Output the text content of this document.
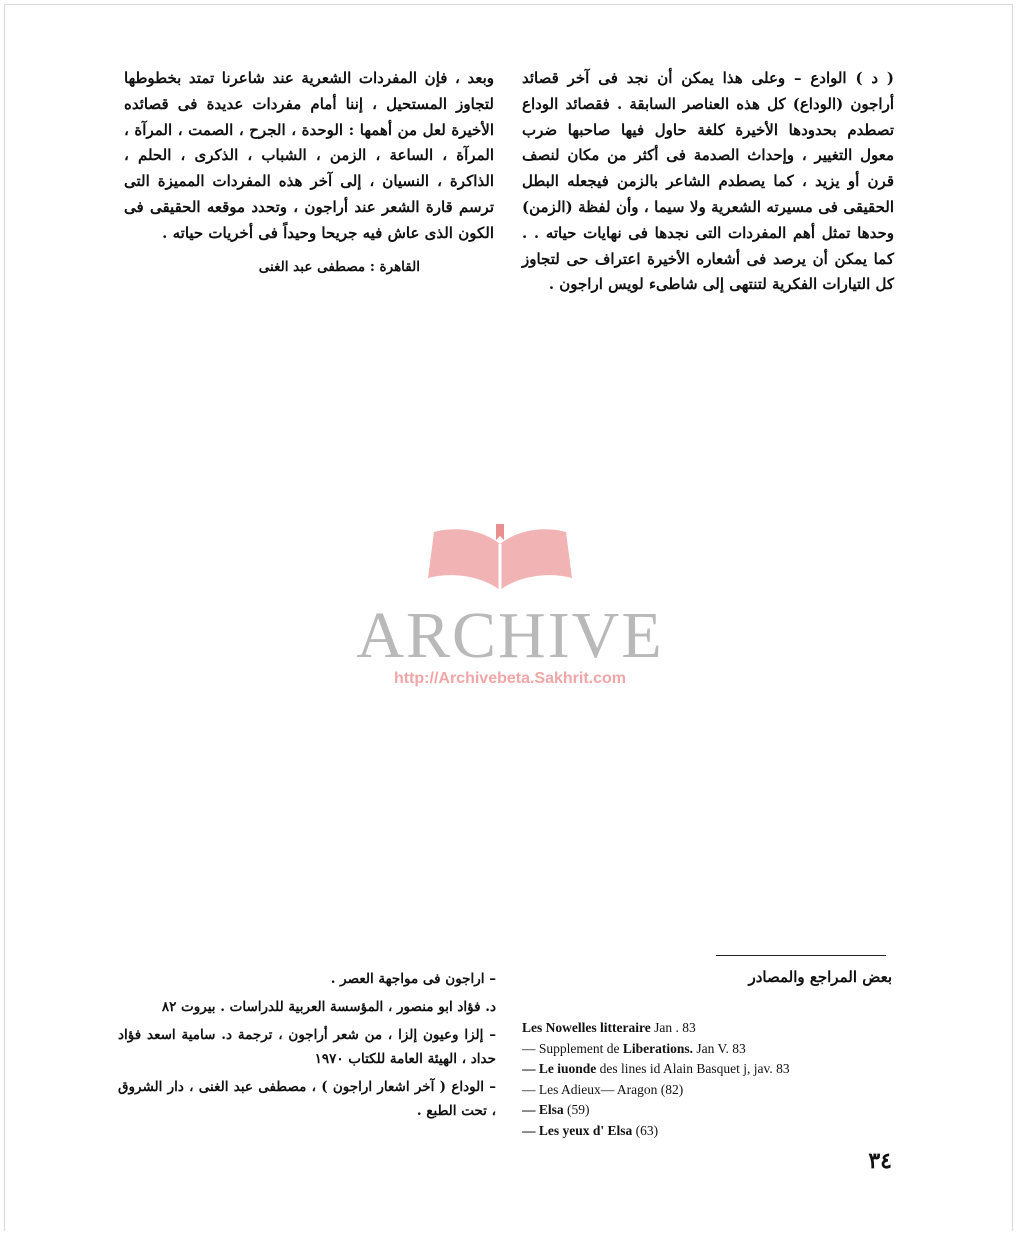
( د ) الوادع – وعلى هذا يمكن أن نجد فى آخر قصائد أراجون (الوداع) كل هذه العناصر السابقة . فقصائد الوداع تصطدم بحدودها الأخيرة كلغة حاول فيها صاحبها ضرب معول التغيير ، وإحداث الصدمة فى أكثر من مكان لنصف قرن أو يزيد ، كما يصطدم الشاعر بالزمن فيجعله البطل الحقيقى فى مسيرته الشعرية ولا سيما ، وأن لفظة (الزمن) وحدها تمثل أهم المفردات التى نجدها فى نهايات حياته . . كما يمكن أن يرصد فى أشعاره الأخيرة اعتراف حى لتجاوز كل التيارات الفكرية لتنتهى إلى شاطىء لويس اراجون .

وبعد ، فإن المفردات الشعرية عند شاعرنا تمتد بخطوطها لتجاوز المستحيل ، إننا أمام مفردات عديدة فى قصائده الأخيرة لعل من أهمها : الوحدة ، الجرح ، الصمت ، المرآة ، المرآة ، الساعة ، الزمن ، الشباب ، الذكرى ، الحلم ، الذاكرة ، النسيان ، إلى آخر هذه المفردات المميزة التى ترسم قارة الشعر عند أراجون ، وتحدد موقعه الحقيقى فى الكون الذى عاش فيه جريحا وحيداً فى أخريات حياته .

القاهرة : مصطفى عبد الغنى
ARCHIVE
http://Archivebeta.Sakhrit.com
بعض المراجع والمصادر
Les Nowelles litteraire Jan . 83
— Supplement de Liberations. Jan V. 83
— Le iuonde des lines id Alain Basquet j, jav. 83
— Les Adieux— Aragon (82)
— Elsa (59)
— Les yeux d' Elsa (63)

– اراجون فى مواجهة العصر .

د. فؤاد ابو منصور ، المؤسسة العربية للدراسات . بيروت ٨٢

– إلزا وعيون إلزا ، من شعر أراجون ، ترجمة د. سامية اسعد فؤاد حداد ، الهيئة العامة للكتاب ١٩٧٠

– الوداع ( آخر اشعار اراجون ) ، مصطفى عبد الغنى ، دار الشروق ، تحت الطبع .

٣٤
